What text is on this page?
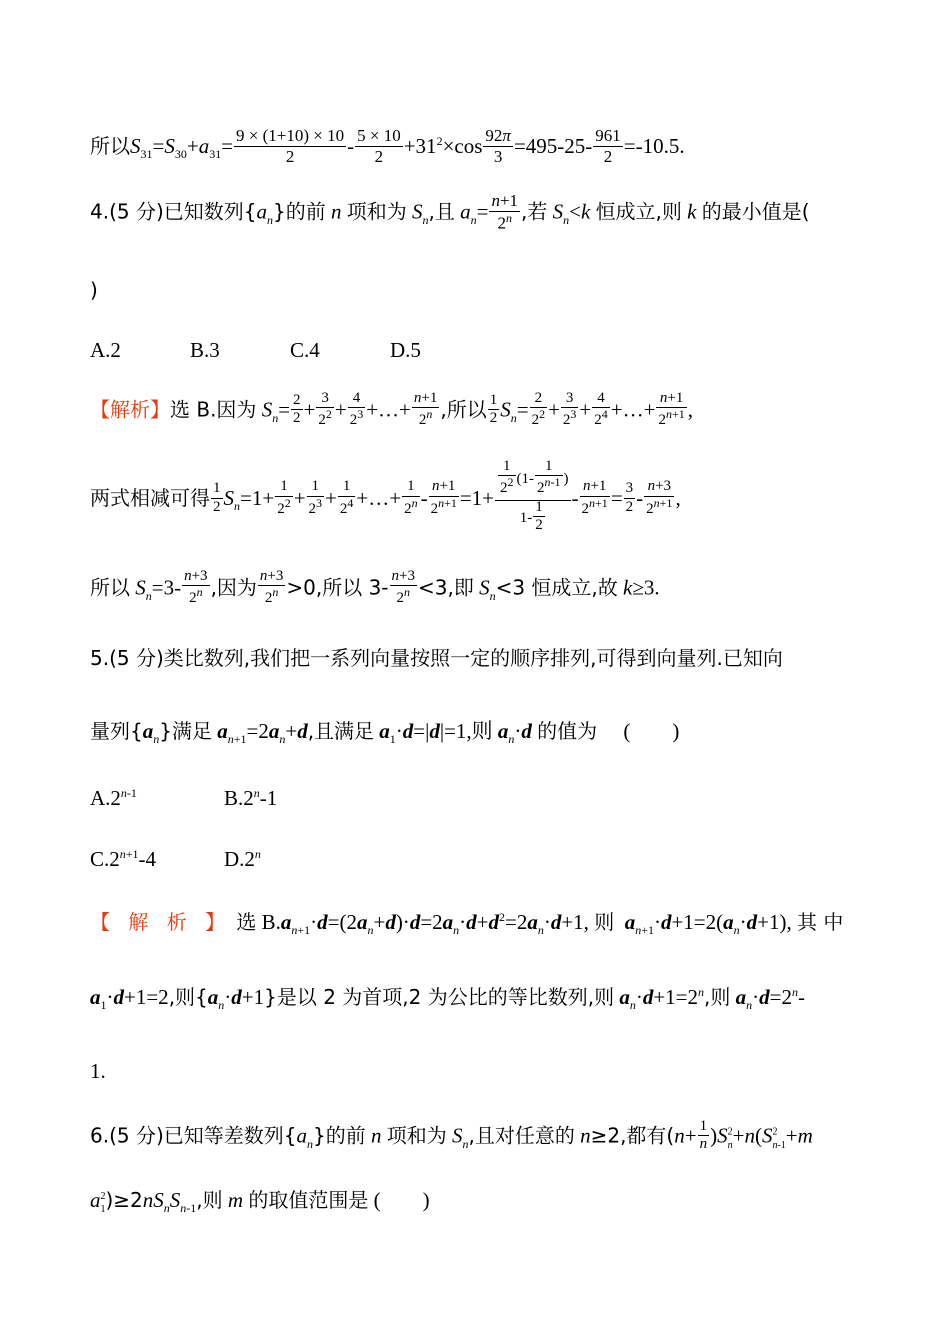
所以$S_{31}=S_{30}+a_{31}= \frac{9 \times (1+10) \times 10}{2} - \frac{5 \times 10}{2} +31^2\times\cos \frac{92\pi}{3} =495-25- \frac{961}{2} =-10.5$.
4.(5 分)已知数列$\{a_n\}$的前 n 项和为 $S_n$,且 $a_n= \frac{n+1}{2^n}$ ,若 $S_n<k$ 恒成立,则 k 的最小值是(
)
A.2	B.3	C.4	D.5
【解析】选 B.因为 $S_n= \frac{2}{2} + \frac{3}{2^2} + \frac{4}{2^3}$ +…+ $\frac{n+1}{2^n}$ ,所以 $\frac{1}{2} S_n= \frac{2}{2^2} + \frac{3}{2^3} + \frac{4}{2^4}$ +…+ $\frac{n+1}{2^{n+1}}$ ,
两式相减可得 $\frac{1}{2} S_n=1+ \frac{1}{2^2} + \frac{1}{2^3} + \frac{1}{2^4}$ +…+ $\frac{1}{2^n} - \frac{n+1}{2^{n+1}} =1+ \frac{\frac{1}{2^2} (1- \frac{1}{2^{n-1}} )}{1- \frac{1}{2}} - \frac{n+1}{2^{n+1}} = \frac{3}{2} - \frac{n+3}{2^{n+1}}$ ,
所以 $S_n=3- \frac{n+3}{2^n}$ ,因为 $\frac{n+3}{2^n} >0$,所以 $3- \frac{n+3}{2^n} <3$,即 $S_n<3$ 恒成立,故 k≥3.
5.(5 分)类比数列,我们把一系列向量按照一定的顺序排列,可得到向量列.已知向
量列$\{a_n\}$满足 $a_{n+1}=2a_n+d$,且满足 $a_1\cdot d=|d|=1$,则 $a_n\cdot d$ 的值为 (　　)
A.2$^{n-1}$	B.2$^n$-1
$C.2^{n+1}-4$	D.2$^n$
【 解 析 】 选 $B.a_{n+1}\cdot d=(2a_n+d)\cdot d=2a_n\cdot d+d^2=2a_n\cdot d+1$, 则 $a_{n+1}\cdot d+1=2(a_n\cdot d+1)$, 其 中
$a_1\cdot d+1=2$,则$\{a_n\cdot d+1\}$是以 2 为首项,2 为公比的等比数列,则 $a_n\cdot d+1=2^n$,则 $a_n\cdot d=2^n-$
1.
6.(5 分)已知等差数列$\{a_n\}$的前 n 项和为 $S_n$,且对任意的 n≥2,都有$(n+ \frac{1}{n} )S^2_n+n(S^2_{n-1}+m$
$a^2_1)\ge 2nS_nS_{n-1}$,则 m 的取值范围是 (　　)
